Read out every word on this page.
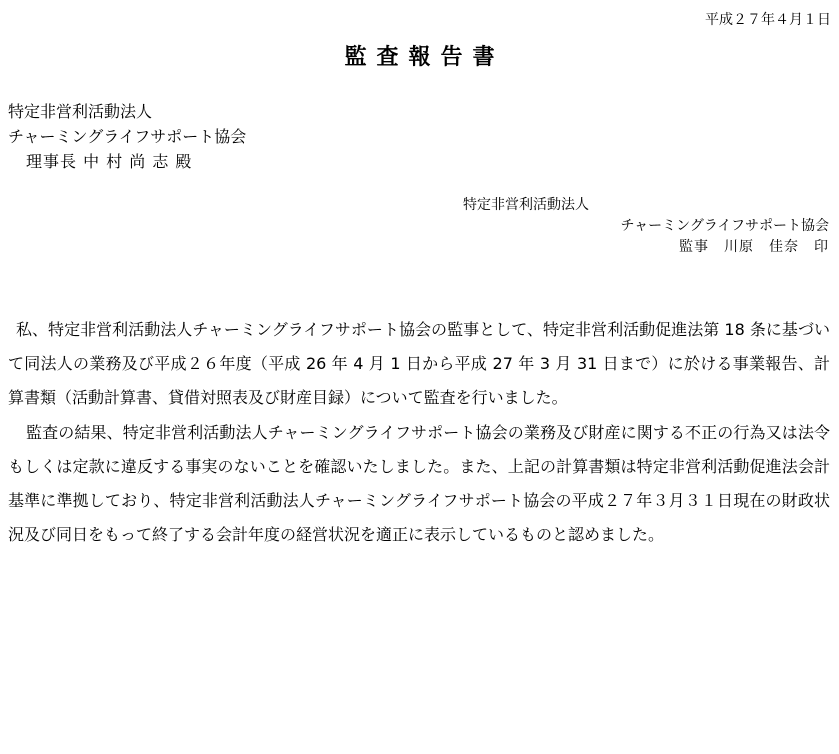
平成２７年４月１日
監査報告書
特定非営利活動法人
チャーミングライフサポート協会
理事長 中 村 尚 志 殿
特定非営利活動法人
チャーミングライフサポート協会
監事　川原　佳奈　印

私、特定非営利活動法人チャーミングライフサポート協会の監事として、特定非営利活動促進法第 18 条に基づいて同法人の業務及び平成２６年度（平成 26 年 4 月 1 日から平成 27 年 3 月 31 日まで）に於ける事業報告、計算書類（活動計算書、貸借対照表及び財産目録）について監査を行いました。

監査の結果、特定非営利活動法人チャーミングライフサポート協会の業務及び財産に関する不正の行為又は法令もしくは定款に違反する事実のないことを確認いたしました。また、上記の計算書類は特定非営利活動促進法会計基準に準拠しており、特定非営利活動法人チャーミングライフサポート協会の平成２７年３月３１日現在の財政状況及び同日をもって終了する会計年度の経営状況を適正に表示しているものと認めました。
